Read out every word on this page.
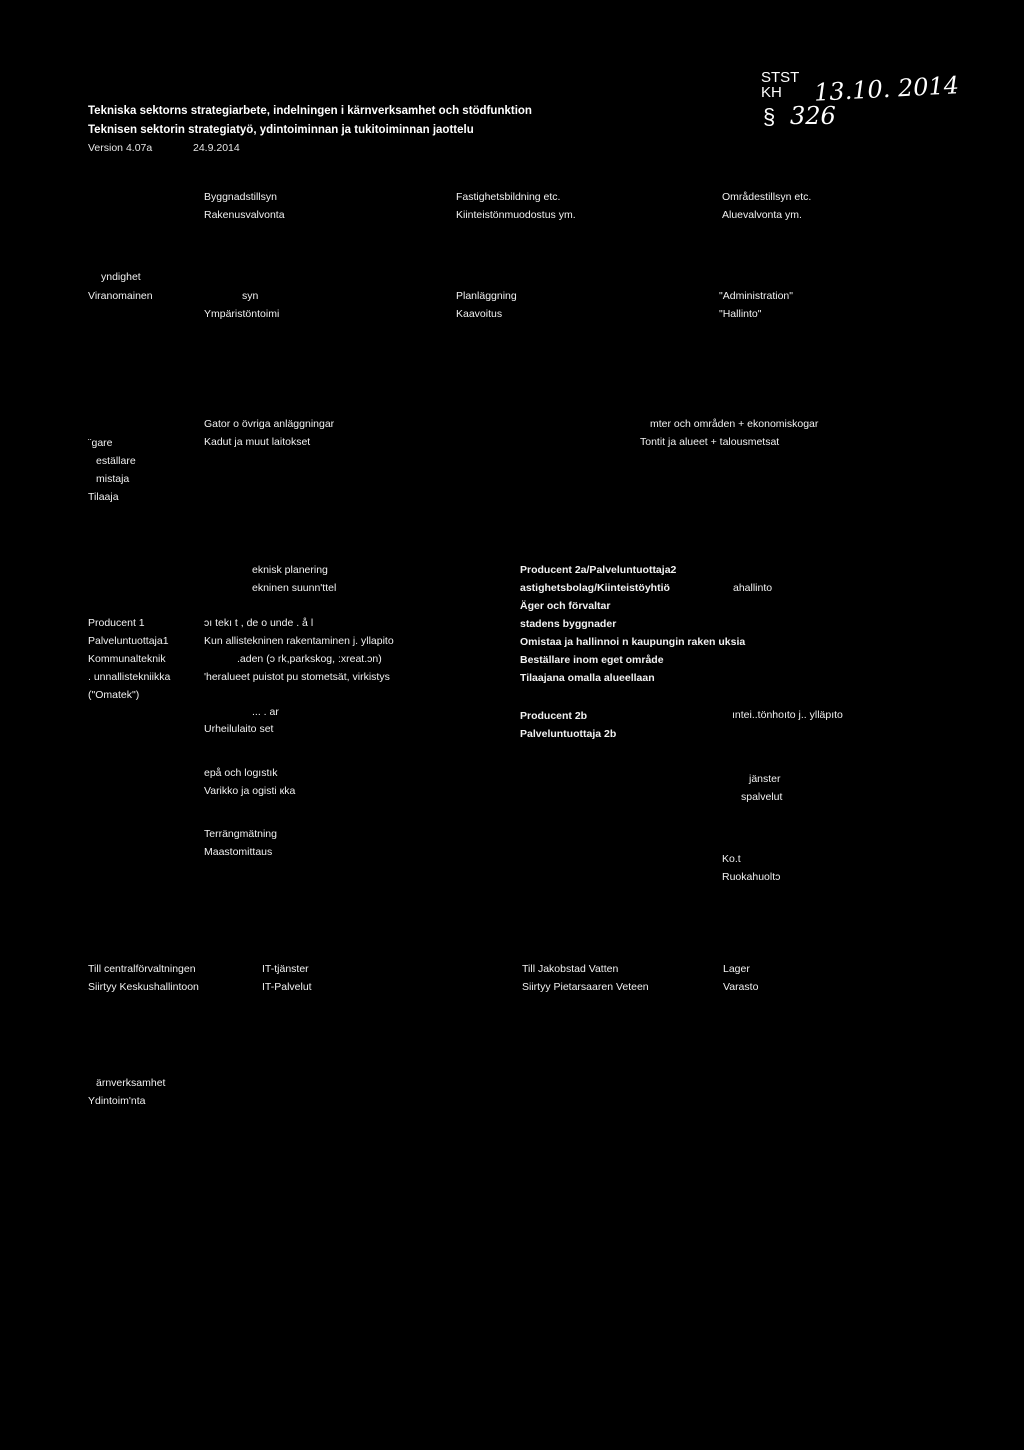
Tekniska sektorns strategiarbete, indelningen i kärnverksamhet och stödfunktion
Teknisen sektorin strategiatyö, ydintoiminnan ja tukitoiminnan jaottelu
Version 4.07a	24.9.2014
STST
KH 13.10. 2014
§ 326
Byggnadstillsyn
Rakenusvalvonta
Fastighetsbildning etc.
Kiinteistönmuodostus ym.
Områdestillsyn etc.
Aluevalvonta ym.
yndighet
Viranomainen	syn
Ympäristöntoimi
Planläggning
Kaavoitus
"Administration"
"Hallinto"
¨gare
eställare
mistaja
Tilaaja
Gator o övriga anläggningar
Kadut ja muut laitokset
mter och områden + ekonomiskogar
Tontit ja alueet + talousmetsat
Producent 1
Palveluntuottaja1
Kommunalteknik
. unnallistekniikka
("Omatek")
eknisk planering
ekninen suunn'ttel
ɔı tekı t , de o unde . å l
Kun allistekninen rakentaminen j. yllapito
.aden (ɔ rk,parkskog, :xreat.ɔn)
'heralueet puistot pu stometsät, virkistys
... . ar
Urheilulaito set
epå och logıstık
Varikko ja ogisti кka
Terrängmätning
Maastomittaus
Producent 2a/Palveluntuottaja2
astighetsbolag/Kiinteistöyhtiö
Äger och förvaltar
stadens byggnader
Omistaa ja hallinnoi n kaupungin raken uksia
Beställare inom eget område
Tilaajana omalla alueellaan
Producent 2b
Palveluntuottaja 2b
ahallinto
ıntei..tönhoıto j.. ylläpıto
jänster
spalvelut
Ko.t
Ruokahuoltɔ
Till centralförvaltningen
Siirtyy Keskushallintoon
IT-tjänster
IT-Palvelut
Till Jakobstad Vatten
Siirtyy Pietarsaaren Veteen
Lager
Varasto
ärnverksamhet
Ydintoim'nta
